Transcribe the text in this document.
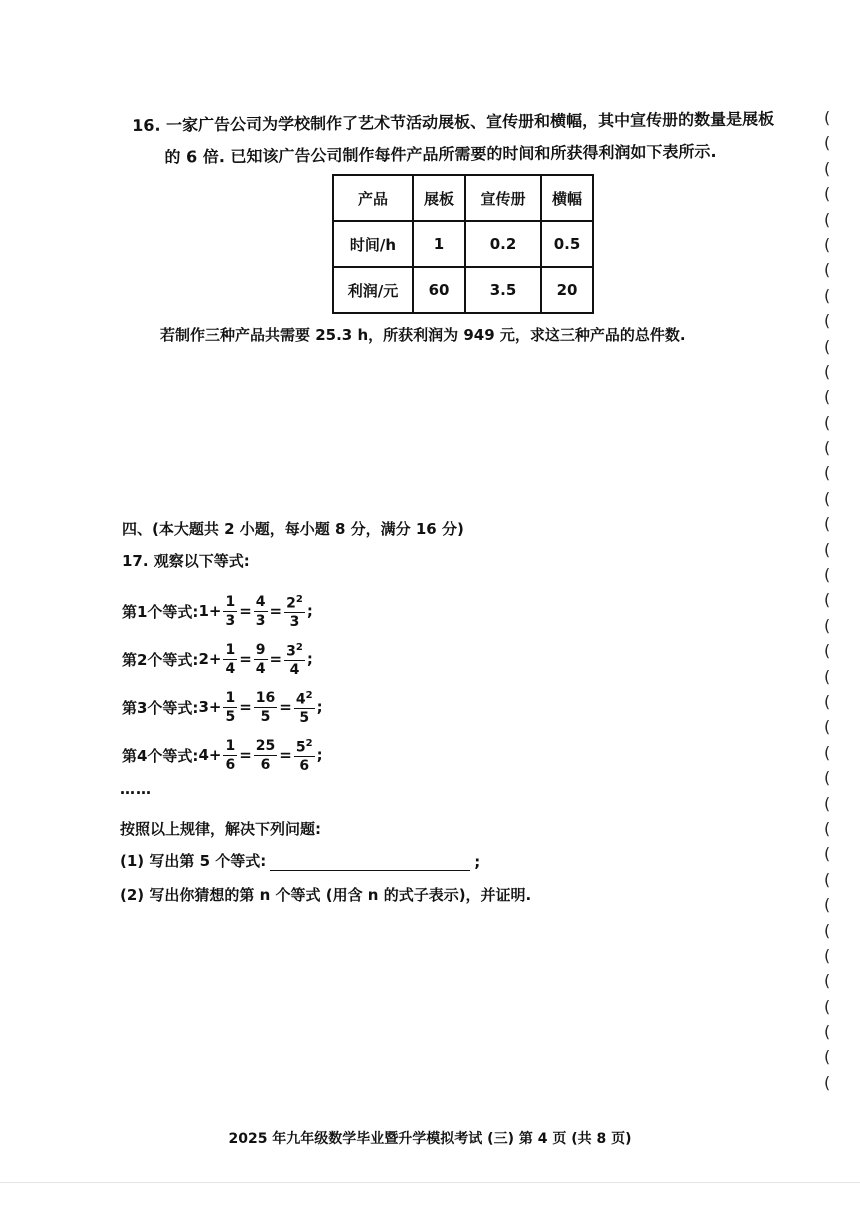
16. 一家广告公司为学校制作了艺术节活动展板、宣传册和横幅，其中宣传册的数量是展板
的 6 倍. 已知该广告公司制作每件产品所需要的时间和所获得利润如下表所示.
产品	展板	宣传册	横幅
时间/h	1	0.2	0.5
利润/元	60	3.5	20
若制作三种产品共需要 25.3 h，所获利润为 949 元，求这三种产品的总件数.
四、(本大题共 2 小题，每小题 8 分，满分 16 分)
17. 观察以下等式:
第1个等式: $1 + \frac{1}{3} = \frac{4}{3} = \frac{2^2}{3}$ ;
第2个等式: $2 + \frac{1}{4} = \frac{9}{4} = \frac{3^2}{4}$ ;
第3个等式: $3 + \frac{1}{5} = \frac{16}{5} = \frac{4^2}{5}$ ;
第4个等式: $4 + \frac{1}{6} = \frac{25}{6} = \frac{5^2}{6}$ ;
……
按照以上规律，解决下列问题:
(1) 写出第 5 个等式:	;
(2) 写出你猜想的第 n 个等式 (用含 n 的式子表示)，并证明.
2025 年九年级数学毕业暨升学模拟考试 (三) 第 4 页 (共 8 页)
(
(
(
(
(
(
(
(
(
(
(
(
(
(
(
(
(
(
(
(
(
(
(
(
(
(
(
(
(
(
(
(
(
(
(
(
(
(
(
